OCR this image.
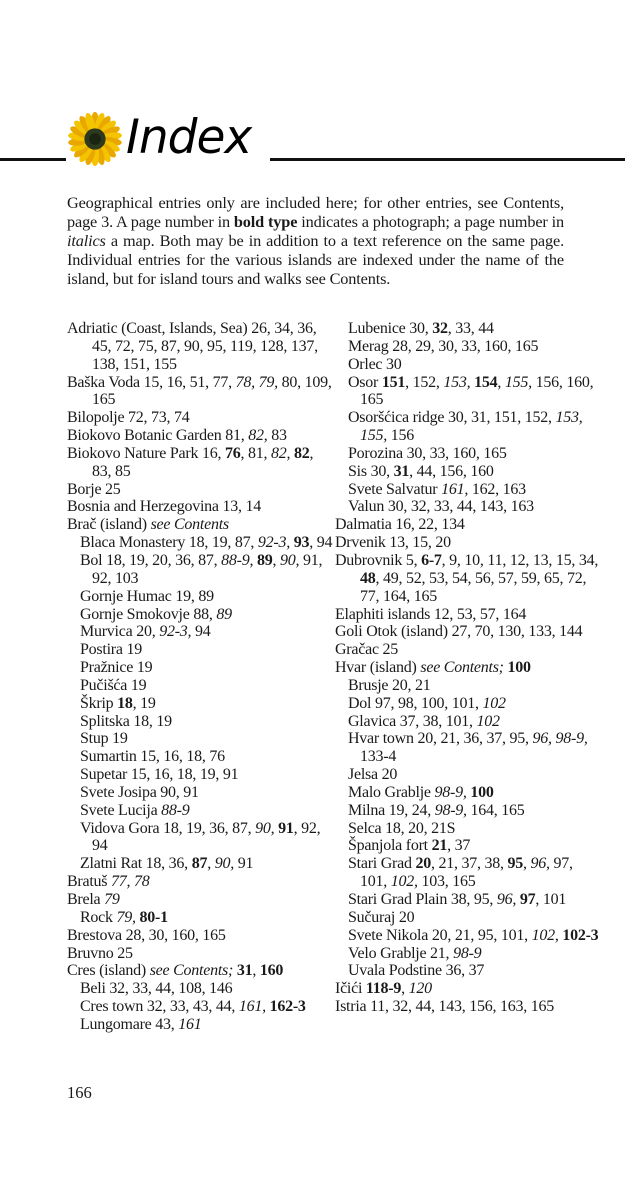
Index

Geographical entries only are included here; for other entries, see Contents, page 3. A page number in bold type indicates a photograph; a page number in italics a map. Both may be in addition to a text reference on the same page. Individual entries for the various islands are indexed under the name of the island, but for island tours and walks see Contents.

Adriatic (Coast, Islands, Sea) 26, 34, 36, 45, 72, 75, 87, 90, 95, 119, 128, 137, 138, 151, 155
Baška Voda 15, 16, 51, 77, 78, 79, 80, 109, 165
Bilopolje 72, 73, 74
Biokovo Botanic Garden 81, 82, 83
Biokovo Nature Park 16, 76, 81, 82, 82, 83, 85
Borje 25
Bosnia and Herzegovina 13, 14
Brač (island) see Contents
Blaca Monastery 18, 19, 87, 92-3, 93, 94
Bol 18, 19, 20, 36, 87, 88-9, 89, 90, 91, 92, 103
Gornje Humac 19, 89
Gornje Smokovje 88, 89
Murvica 20, 92-3, 94
Postira 19
Pražnice 19
Pučišća 19
Škrip 18, 19
Splitska 18, 19
Stup 19
Sumartin 15, 16, 18, 76
Supetar 15, 16, 18, 19, 91
Svete Josipa 90, 91
Svete Lucija 88-9
Vidova Gora 18, 19, 36, 87, 90, 91, 92, 94
Zlatni Rat 18, 36, 87, 90, 91
Bratuš 77, 78
Brela 79
Rock 79, 80-1
Brestova 28, 30, 160, 165
Bruvno 25
Cres (island) see Contents; 31, 160
Beli 32, 33, 44, 108, 146
Cres town 32, 33, 43, 44, 161, 162-3
Lungomare 43, 161
Lubenice 30, 32, 33, 44
Merag 28, 29, 30, 33, 160, 165
Orlec 30
Osor 151, 152, 153, 154, 155, 156, 160, 165
Osoršćica ridge 30, 31, 151, 152, 153, 155, 156
Porozina 30, 33, 160, 165
Sis 30, 31, 44, 156, 160
Svete Salvatur 161, 162, 163
Valun 30, 32, 33, 44, 143, 163
Dalmatia 16, 22, 134
Drvenik 13, 15, 20
Dubrovnik 5, 6-7, 9, 10, 11, 12, 13, 15, 34, 48, 49, 52, 53, 54, 56, 57, 59, 65, 72, 77, 164, 165
Elaphiti islands 12, 53, 57, 164
Goli Otok (island) 27, 70, 130, 133, 144
Gračac 25
Hvar (island) see Contents; 100
Brusje 20, 21
Dol 97, 98, 100, 101, 102
Glavica 37, 38, 101, 102
Hvar town 20, 21, 36, 37, 95, 96, 98-9, 133-4
Jelsa 20
Malo Grablje 98-9, 100
Milna 19, 24, 98-9, 164, 165
Selca 18, 20, 21S
Španjola fort 21, 37
Stari Grad 20, 21, 37, 38, 95, 96, 97, 101, 102, 103, 165
Stari Grad Plain 38, 95, 96, 97, 101
Sučuraj 20
Svete Nikola 20, 21, 95, 101, 102, 102-3
Velo Grablje 21, 98-9
Uvala Podstine 36, 37
Ičići 118-9, 120
Istria 11, 32, 44, 143, 156, 163, 165
166
